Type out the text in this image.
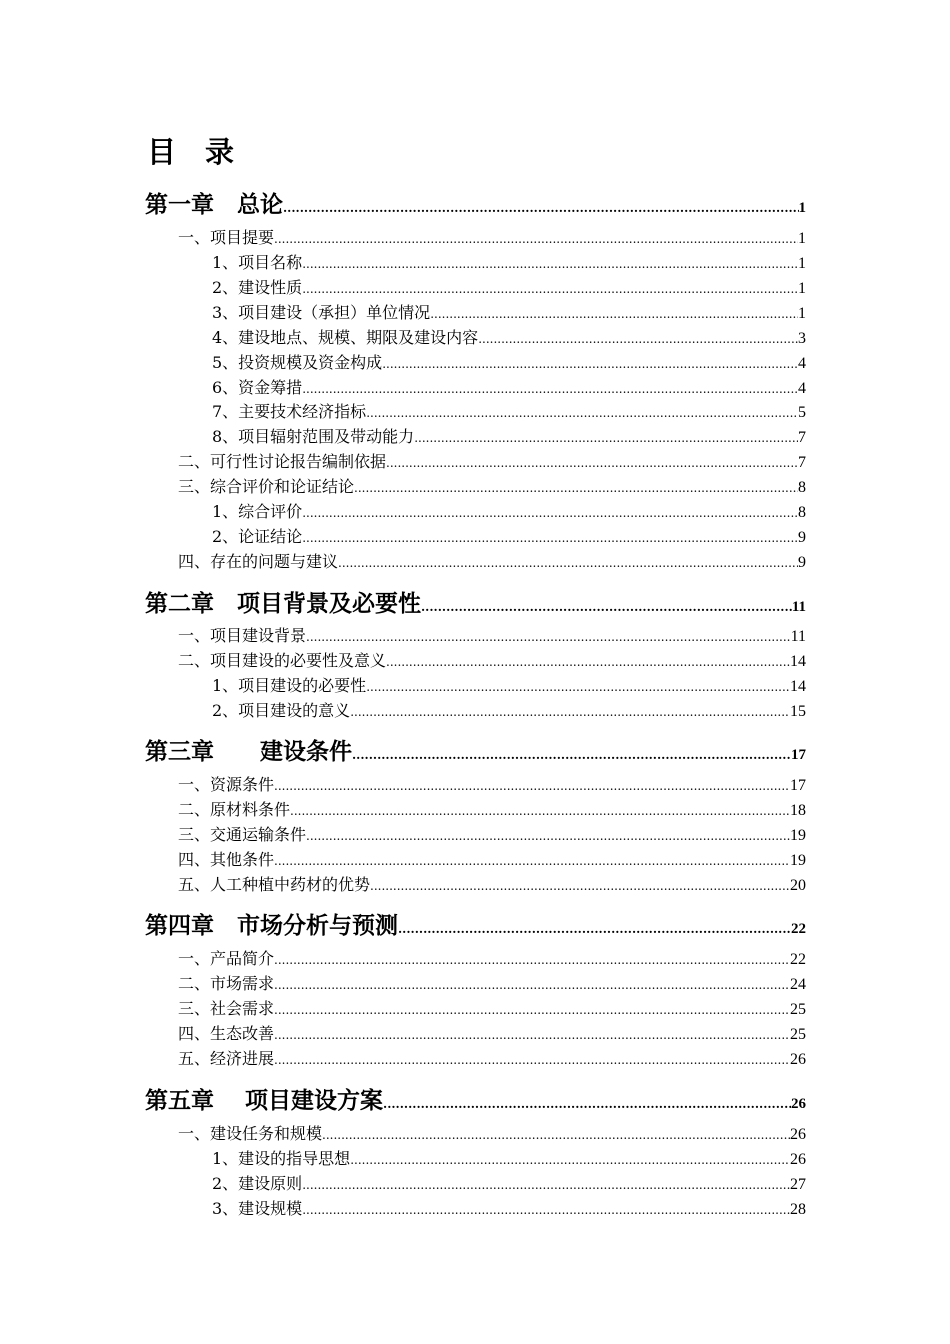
目　录
第一章　总论 .....	1
一、项目提要 .....	1
1、项目名称 .....	1
2、建设性质 .....	1
3、项目建设（承担）单位情况 .....	1
4、建设地点、规模、期限及建设内容 .....	3
5、投资规模及资金构成 .....	4
6、资金筹措 .....	4
7、主要技术经济指标 .....	5
8、项目辐射范围及带动能力 .....	7
二、可行性讨论报告编制依据 .....	7
三、综合评价和论证结论 .....	8
1、综合评价 .....	8
2、论证结论 .....	9
四、存在的问题与建议 .....	9
第二章　项目背景及必要性 .....	11
一、项目建设背景 .....	11
二、项目建设的必要性及意义 .....	14
1、项目建设的必要性 .....	14
2、项目建设的意义 .....	15
第三章　　建设条件 .....	17
一、资源条件 .....	17
二、原材料条件 .....	18
三、交通运输条件 .....	19
四、其他条件 .....	19
五、人工种植中药材的优势 .....	20
第四章　市场分析与预测 .....	22
一、产品简介 .....	22
二、市场需求 .....	24
三、社会需求 .....	25
四、生态改善 .....	25
五、经济进展 .....	26
第五章　 项目建设方案 .....	26
一、建设任务和规模 .....	26
1、建设的指导思想 .....	26
2、建设原则 .....	27
3、建设规模 .....	28
